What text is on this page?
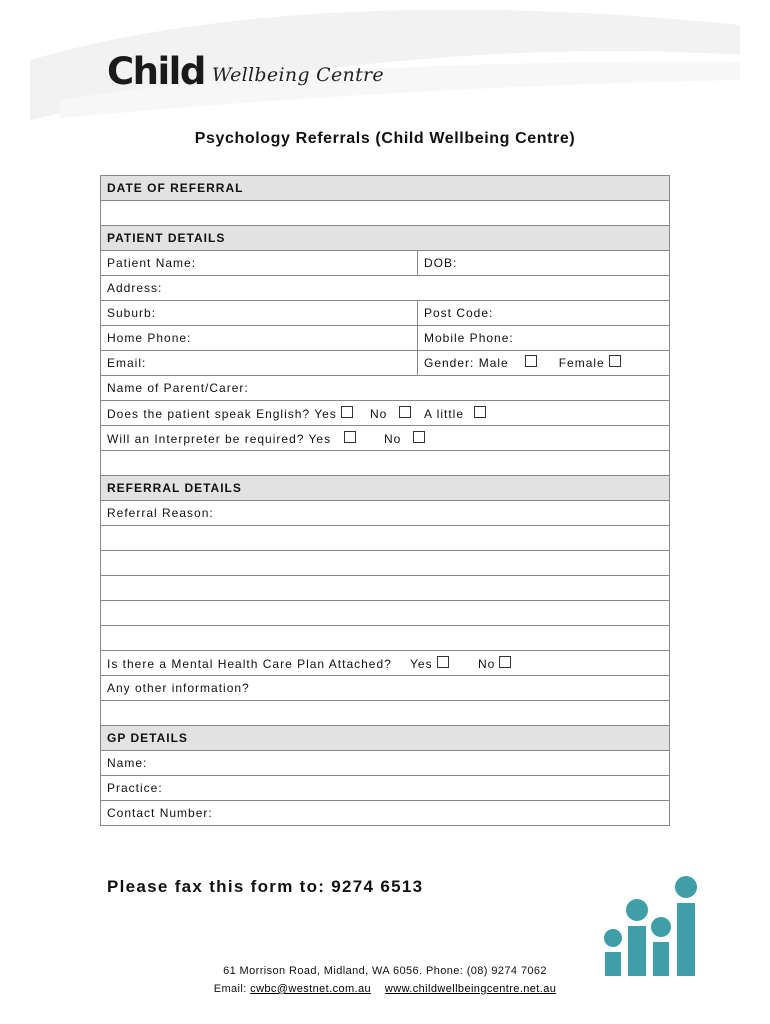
Child Wellbeing Centre
Psychology Referrals (Child Wellbeing Centre)
DATE OF REFERRAL
PATIENT DETAILS
Patient Name:	DOB:
Address:
Suburb:	Post Code:
Home Phone:	Mobile Phone:
Email:	Gender: Male	Female
Name of Parent/Carer:
Does the patient speak English? Yes	No	A little
Will an Interpreter be required? Yes	No
REFERRAL DETAILS
Referral Reason:
Is there a Mental Health Care Plan Attached? Yes	No
Any other information?
GP DETAILS
Name:
Practice:
Contact Number:
Please fax this form to: 9274 6513
61 Morrison Road, Midland, WA 6056. Phone: (08) 9274 7062
Email: cwbc@westnet.com.au www.childwellbeingcentre.net.au
